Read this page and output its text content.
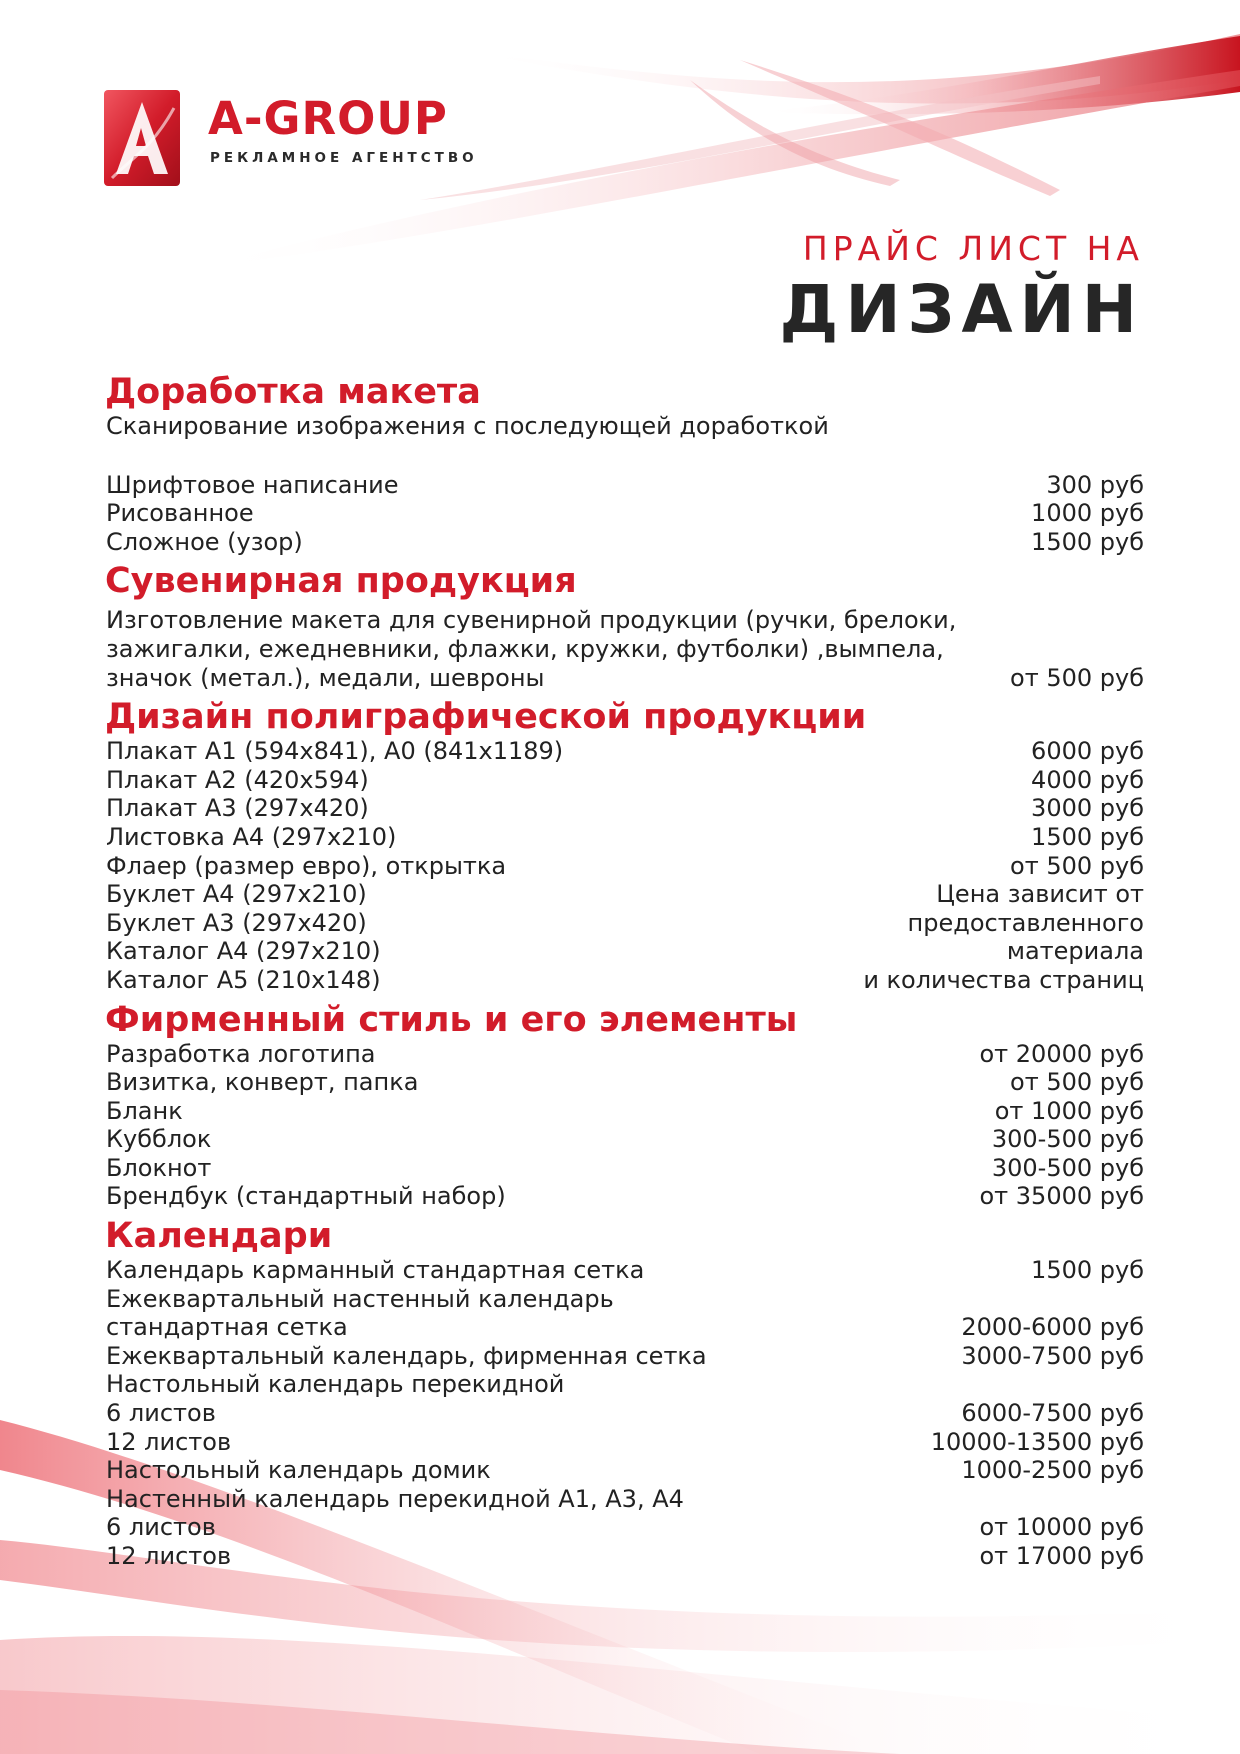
A-GROUP
РЕКЛАМНОЕ АГЕНТСТВО
ПРАЙС ЛИСТ НА
ДИЗАЙН
Доработка макета
Сканирование изображения с последующей доработкой
Шрифтовое написание	300 руб
Рисованное	1000 руб
Сложное (узор)	1500 руб
Сувенирная продукция
Изготовление макета для сувенирной продукции (ручки, брелоки,
зажигалки, ежедневники, флажки, кружки, футболки) ,вымпела,
значок (метал.), медали, шевроны	от 500 руб
Дизайн полиграфической продукции
Плакат А1 (594х841), А0 (841х1189)	6000 руб
Плакат А2 (420х594)	4000 руб
Плакат А3 (297х420)	3000 руб
Листовка А4 (297х210)	1500 руб
Флаер (размер евро), открытка	от 500 руб
Буклет А4 (297х210)	Цена зависит от
Буклет А3 (297х420)	предоставленного
Каталог А4 (297х210)	материала
Каталог А5 (210х148)	и количества страниц
Фирменный стиль и его элементы
Разработка логотипа	от 20000 руб
Визитка, конверт, папка	от 500 руб
Бланк	от 1000 руб
Кубблок	300-500 руб
Блокнот	300-500 руб
Брендбук (стандартный набор)	от 35000 руб
Календари
Календарь карманный стандартная сетка	1500 руб
Ежеквартальный настенный календарь
стандартная сетка	2000-6000 руб
Ежеквартальный календарь, фирменная сетка	3000-7500 руб
Настольный календарь перекидной
6 листов	6000-7500 руб
12 листов	10000-13500 руб
Настольный календарь домик	1000-2500 руб
Настенный календарь перекидной А1, А3, А4
6 листов	от 10000 руб
12 листов	от 17000 руб
